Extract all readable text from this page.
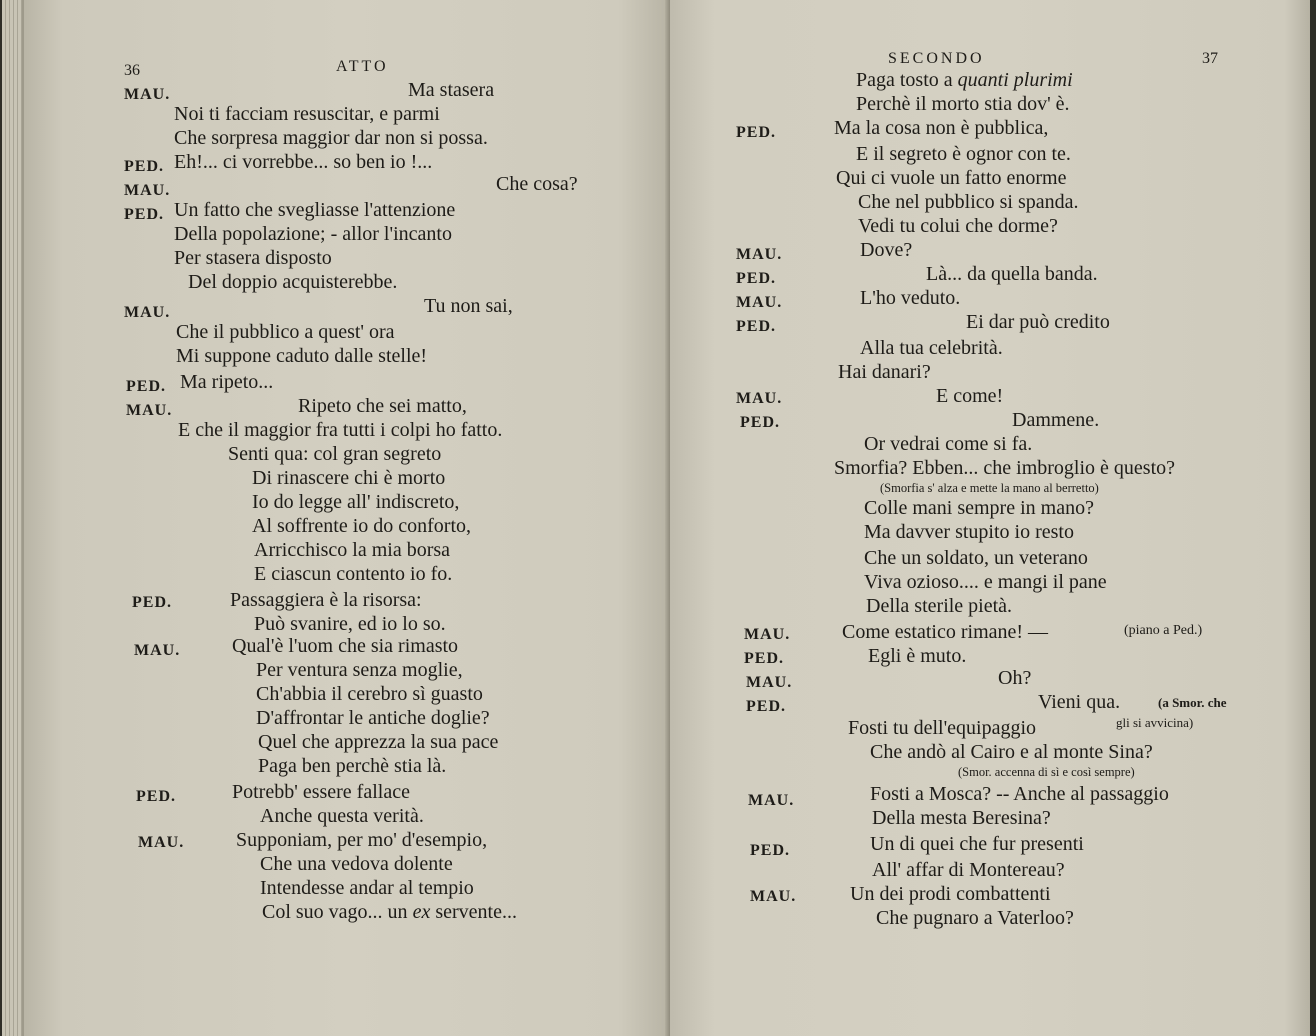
36	ATTO
MAU.	Ma stasera
Noi ti facciam resuscitar, e parmi
Che sorpresa maggior dar non si possa.
PED. Eh!... ci vorrebbe... so ben io !...
MAU.	Che cosa?
PED. Un fatto che svegliasse l'attenzione
Della popolazione; - allor l'incanto
Per stasera disposto
Del doppio acquisterebbe.
MAU.	Tu non sai,
Che il pubblico a quest' ora
Mi suppone caduto dalle stelle!
PED. Ma ripeto...
MAU.	Ripeto che sei matto,
E che il maggior fra tutti i colpi ho fatto.
Senti qua: col gran segreto
Di rinascere chi è morto
Io do legge all' indiscreto,
Al soffrente io do conforto,
Arricchisco la mia borsa
E ciascun contento io fo.
PED.	Passaggiera è la risorsa:
Può svanire, ed io lo so.
MAU.	Qual'è l'uom che sia rimasto
Per ventura senza moglie,
Ch'abbia il cerebro sì guasto
D'affrontar le antiche doglie?
Quel che apprezza la sua pace
Paga ben perchè stia là.
PED.	Potrebb' essere fallace
Anche questa verità.
MAU.	Supponiam, per mo' d'esempio,
Che una vedova dolente
Intendesse andar al tempio
Col suo vago... un ex servente...
SECONDO	37
Paga tosto a quanti plurimi
Perchè il morto stia dov' è.
PED.	Ma la cosa non è pubblica,
E il segreto è ognor con te.
Qui ci vuole un fatto enorme
Che nel pubblico si spanda.
Vedi tu colui che dorme?
MAU.	Dove?
PED.	Là... da quella banda.
MAU.	L'ho veduto.
PED.	Ei dar può credito
Alla tua celebrità.
Hai danari?
MAU.	E come!
PED.	Dammene.
Or vedrai come si fa.
Smorfia? Ebben... che imbroglio è questo?
(Smorfia s' alza e mette la mano al berretto)
Colle mani sempre in mano?
Ma davver stupito io resto
Che un soldato, un veterano
Viva ozioso.... e mangi il pane
Della sterile pietà.
MAU.	Come estatico rimane! —	(piano a Ped.)
PED.	Egli è muto.
MAU.	Oh?
PED.	Vieni qua.	(a Smor. che
Fosti tu dell'equipaggio	gli si avvicina)
Che andò al Cairo e al monte Sina?
(Smor. accenna di sì e così sempre)
MAU.	Fosti a Mosca? -- Anche al passaggio
Della mesta Beresina?
PED.	Un di quei che fur presenti
All' affar di Montereau?
MAU.	Un dei prodi combattenti
Che pugnaro a Vaterloo?
